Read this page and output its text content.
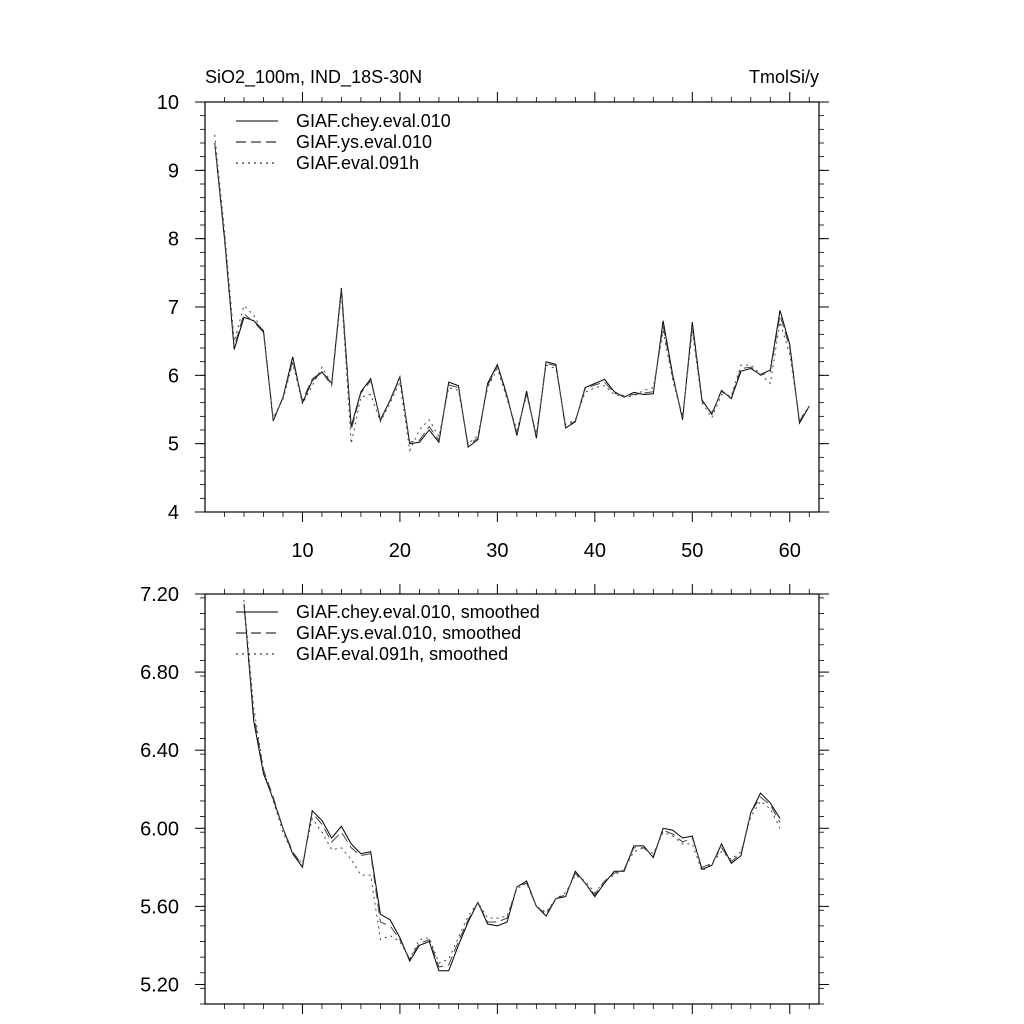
SiO2_100m, IND_18S-30N	TmolSi/y
4
5
6
7
8
9
10
10	20	30	40	50	60
GIAF.chey.eval.010
GIAF.ys.eval.010
GIAF.eval.091h
5.20
5.60
6.00
6.40
6.80
7.20
GIAF.chey.eval.010, smoothed
GIAF.ys.eval.010, smoothed
GIAF.eval.091h, smoothed
